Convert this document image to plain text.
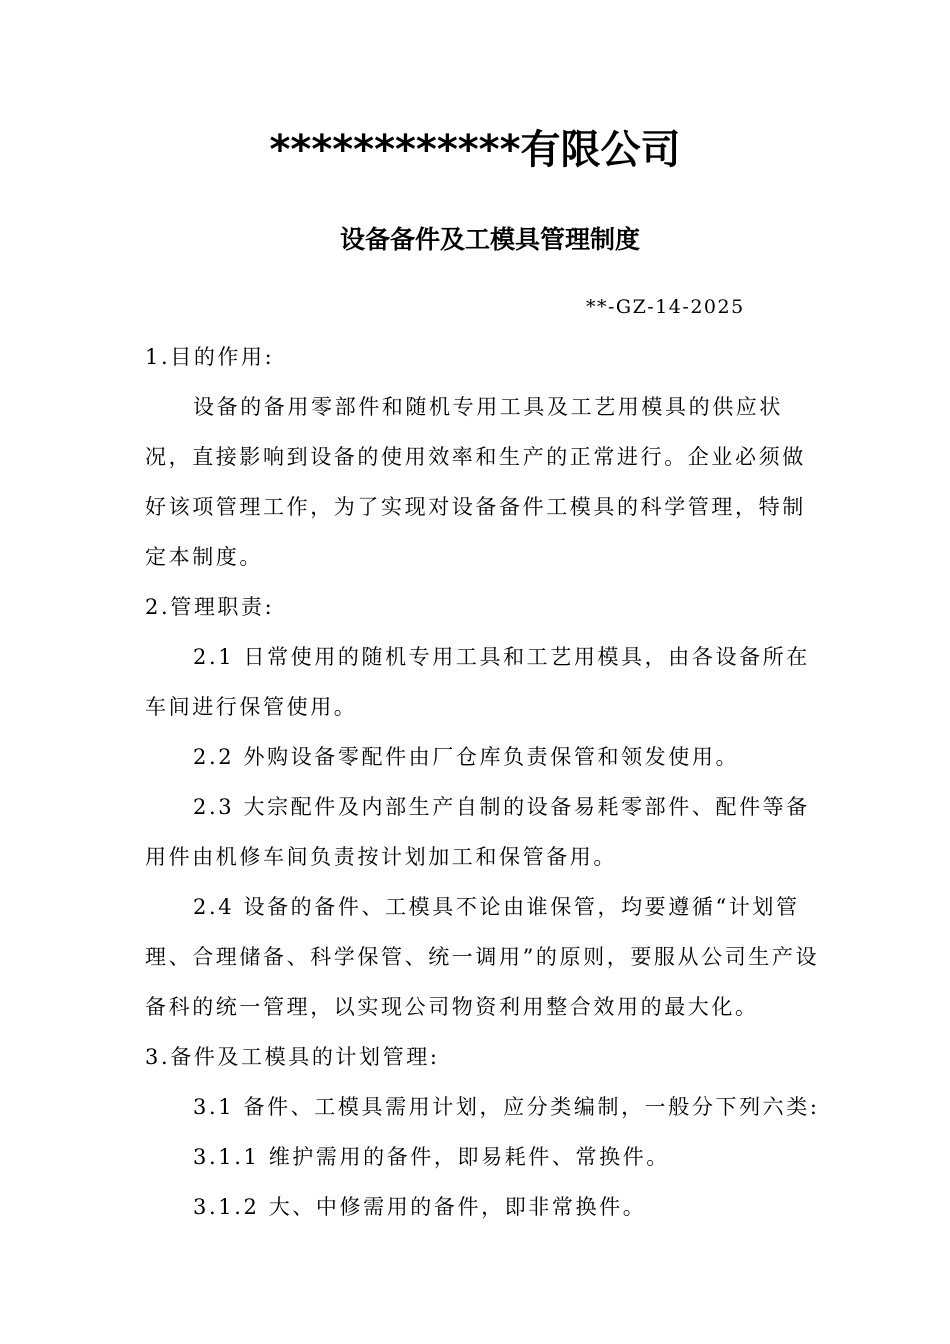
************有限公司
设备备件及工模具管理制度
**-GZ-14-2025

1.目的作用:

设备的备用零部件和随机专用工具及工艺用模具的供应状况，直接影响到设备的使用效率和生产的正常进行。企业必须做好该项管理工作，为了实现对设备备件工模具的科学管理，特制定本制度。

2.管理职责:

2.1 日常使用的随机专用工具和工艺用模具，由各设备所在车间进行保管使用。

2.2 外购设备零配件由厂仓库负责保管和领发使用。

2.3 大宗配件及内部生产自制的设备易耗零部件、配件等备用件由机修车间负责按计划加工和保管备用。

2.4 设备的备件、工模具不论由谁保管，均要遵循“计划管理、合理储备、科学保管、统一调用”的原则，要服从公司生产设备科的统一管理，以实现公司物资利用整合效用的最大化。

3.备件及工模具的计划管理:

3.1 备件、工模具需用计划，应分类编制，一般分下列六类:

3.1.1 维护需用的备件，即易耗件、常换件。

3.1.2 大、中修需用的备件，即非常换件。
